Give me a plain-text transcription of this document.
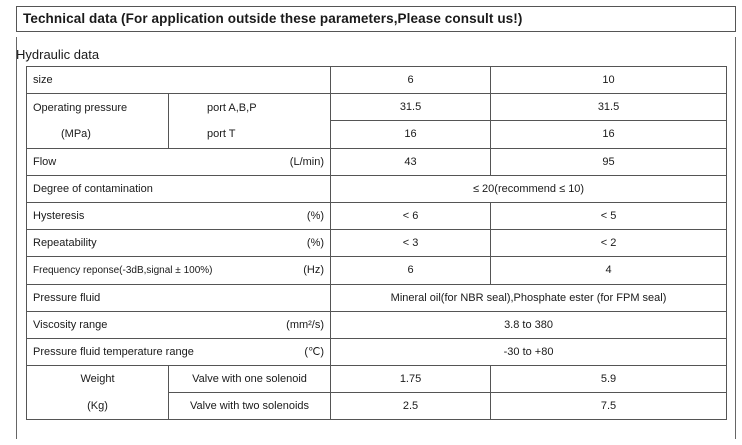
Technical data (For application outside these parameters,Please consult us!)
Hydraulic data
size			6	10
Operating pressure	port A,B,P		31.5	31.5
(MPa)	port T		16	16
Flow		(L/min)	43	95
Degree of contamination			≤ 20(recommend ≤ 10)	
Hysteresis		(%)	< 6	< 5
Repeatability		(%)	< 3	< 2
Frequency reponse(-3dB,signal ± 100%)		(Hz)	6	4
Pressure fluid			Mineral oil(for NBR seal),Phosphate ester (for FPM seal)	
Viscosity range		(mm²/s)	3.8 to 380	
Pressure fluid temperature range		(℃)	-30 to +80	
Weight	Valve with one solenoid		1.75	5.9
(Kg)	Valve with two solenoids		2.5	7.5
